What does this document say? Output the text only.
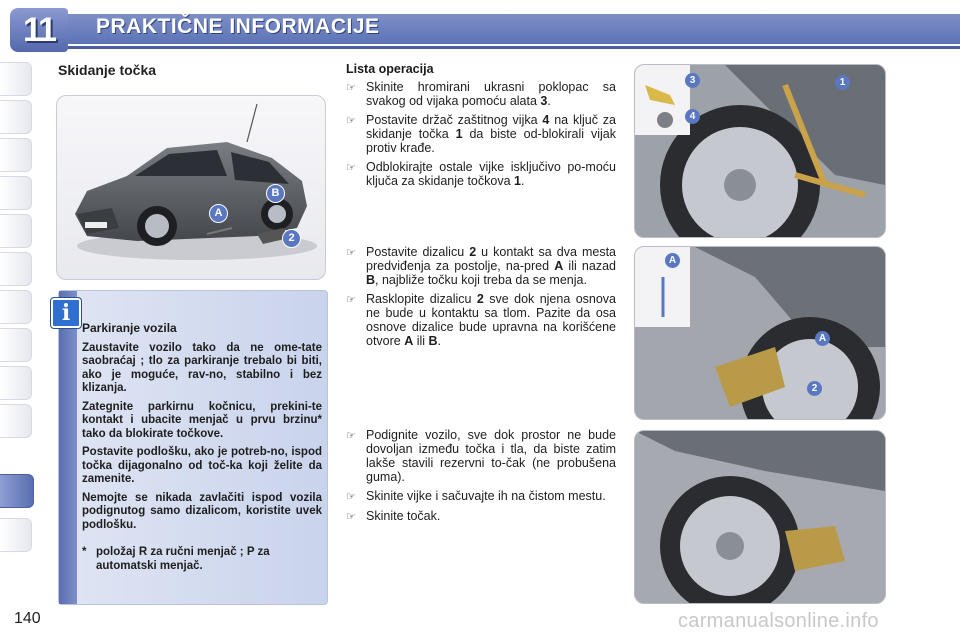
11	PRAKTIČNE INFORMACIJE
Skidanje točka
A
B
2
i
Parkiranje vozila

Zaustavite vozilo tako da ne ome-tate saobraćaj ; tlo za parkiranje trebalo bi biti, ako je moguće, rav-no, stabilno i bez klizanja.

Zategnite parkirnu kočnicu, prekini-te kontakt i ubacite menjač u prvu brzinu* tako da blokirate točkove.

Postavite podlošku, ako je potreb-no, ispod točka dijagonalno od toč-ka koji želite da zamenite.

Nemojte se nikada zavlačiti ispod vozila podignutog samo dizalicom, koristite uvek podlošku.

* položaj R za ručni menjač ; P za automatski menjač.
Lista operacija
☞ Skinite hromirani ukrasni poklopac sa svakog od vijaka pomoću alata 3.
☞ Postavite držač zaštitnog vijka 4 na ključ za skidanje točka 1 da biste od-blokirali vijak protiv krađe.
☞ Odblokirajte ostale vijke isključivo po-moću ključa za skidanje točkova 1.
☞ Postavite dizalicu 2 u kontakt sa dva mesta predviđenja za postolje, na-pred A ili nazad B, najbliže točku koji treba da se menja.
☞ Rasklopite dizalicu 2 sve dok njena osnova ne bude u kontaktu sa tlom. Pazite da osa osnove dizalice bude upravna na korišćene otvore A ili B.
☞ Podignite vozilo, sve dok prostor ne bude dovoljan između točka i tla, da biste zatim lakše stavili rezervni to-čak (ne probušena guma).
☞ Skinite vijke i sačuvajte ih na čistom mestu.
☞ Skinite točak.
3
4
1
A
A
2
140	carmanualsonline.info
